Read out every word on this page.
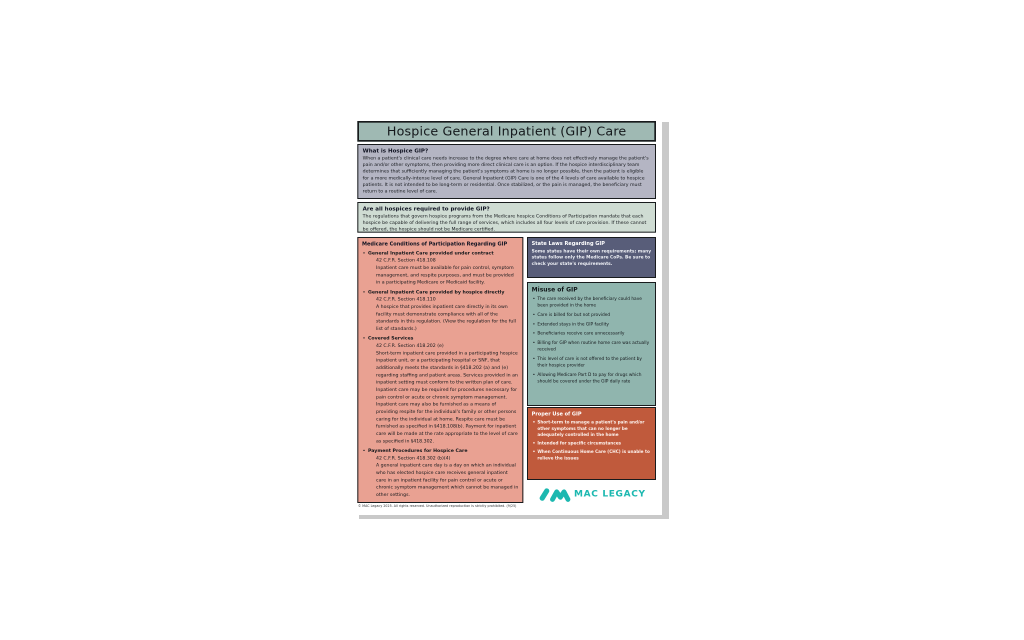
Hospice General Inpatient (GIP) Care
What is Hospice GIP?
When a patient's clinical care needs increase to the degree where care at home does not effectively manage the patient's pain and/or other symptoms, then providing more direct clinical care is an option. If the hospice interdisciplinary team determines that sufficiently managing the patient's symptoms at home is no longer possible, then the patient is eligible for a more medically-intense level of care. General Inpatient (GIP) Care is one of the 4 levels of care available to hospice patients. It is not intended to be long-term or residential. Once stabilized, or the pain is managed, the beneficiary must return to a routine level of care.
Are all hospices required to provide GIP?
The regulations that govern hospice programs from the Medicare hospice Conditions of Participation mandate that each hospice be capable of delivering the full range of services, which includes all four levels of care provision. If these cannot be offered, the hospice should not be Medicare certified.
Medicare Conditions of Participation Regarding GIP
• General Inpatient Care provided under contract
42 C.F.R. Section 418.108
Inpatient care must be available for pain control, symptom management, and respite purposes, and must be provided in a participating Medicare or Medicaid facility.
• General Inpatient Care provided by hospice directly
42 C.F.R. Section 418.110
A hospice that provides inpatient care directly in its own facility must demonstrate compliance with all of the standards in this regulation. (View the regulation for the full list of standards.)
• Covered Services
42 C.F.R. Section 418.202 (e)
Short-term inpatient care provided in a participating hospice inpatient unit, or a participating hospital or SNF, that additionally meets the standards in §418.202 (a) and (e) regarding staffing and patient areas. Services provided in an inpatient setting must conform to the written plan of care. Inpatient care may be required for procedures necessary for pain control or acute or chronic symptom management.
Inpatient care may also be furnished as a means of providing respite for the individual's family or other persons caring for the individual at home. Respite care must be furnished as specified in §418.108(b). Payment for inpatient care will be made at the rate appropriate to the level of care as specified in §418.302.
• Payment Procedures for Hospice Care
42 C.F.R. Section 418.302 (b)(4)
A general inpatient care day is a day on which an individual who has elected hospice care receives general inpatient care in an inpatient facility for pain control or acute or chronic symptom management which cannot be managed in other settings.
State Laws Regarding GIP
Some states have their own requirements; many states follow only the Medicare CoPs. Be sure to check your state's requirements.
Misuse of GIP
• The care received by the beneficiary could have been provided in the home
• Care is billed for but not provided
• Extended stays in the GIP facility
• Beneficiaries receive care unnecessarily
• Billing for GIP when routine home care was actually received
• This level of care is not offered to the patient by their hospice provider
• Allowing Medicare Part D to pay for drugs which should be covered under the GIP daily rate
Proper Use of GIP
• Short-term to manage a patient's pain and/or other symptoms that can no longer be adequately controlled in the home
• Intended for specific circumstances
• When Continuous Home Care (CHC) is unable to relieve the issues
MAC LEGACY
© MAC Legacy 2025. All rights reserved. Unauthorized reproduction is strictly prohibited. (9/25)
